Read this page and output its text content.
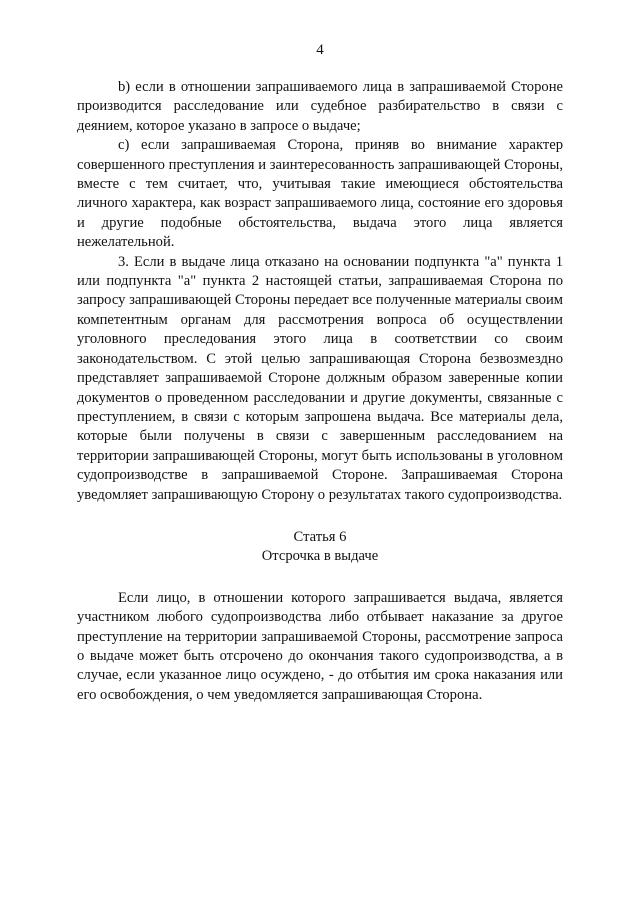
4

b) если в отношении запрашиваемого лица в запрашиваемой Стороне производится расследование или судебное разбирательство в связи с деянием, которое указано в запросе о выдаче;

c) если запрашиваемая Сторона, приняв во внимание характер совершенного преступления и заинтересованность запрашивающей Стороны, вместе с тем считает, что, учитывая такие имеющиеся обстоятельства личного характера, как возраст запрашиваемого лица, состояние его здоровья и другие подобные обстоятельства, выдача этого лица является нежелательной.

3. Если в выдаче лица отказано на основании подпункта "а" пункта 1 или подпункта "а" пункта 2 настоящей статьи, запрашиваемая Сторона по запросу запрашивающей Стороны передает все полученные материалы своим компетентным органам для рассмотрения вопроса об осуществлении уголовного преследования этого лица в соответствии со своим законодательством. С этой целью запрашивающая Сторона безвозмездно представляет запрашиваемой Стороне должным образом заверенные копии документов о проведенном расследовании и другие документы, связанные с преступлением, в связи с которым запрошена выдача. Все материалы дела, которые были получены в связи с завершенным расследованием на территории запрашивающей Стороны, могут быть использованы в уголовном судопроизводстве в запрашиваемой Стороне. Запрашиваемая Сторона уведомляет запрашивающую Сторону о результатах такого судопроизводства.

Статья 6

Отсрочка в выдаче

Если лицо, в отношении которого запрашивается выдача, является участником любого судопроизводства либо отбывает наказание за другое преступление на территории запрашиваемой Стороны, рассмотрение запроса о выдаче может быть отсрочено до окончания такого судопроизводства, а в случае, если указанное лицо осуждено, - до отбытия им срока наказания или его освобождения, о чем уведомляется запрашивающая Сторона.
